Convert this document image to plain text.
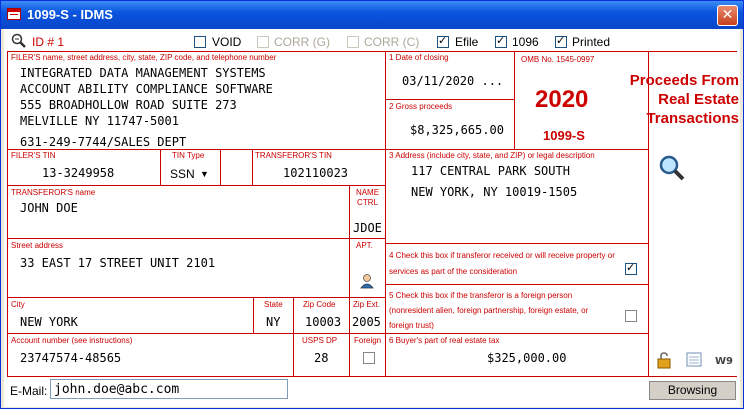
1099-S - IDMS	✕
ID # 1	VOID	CORR (G)	CORR (C) ✓	Efile ✓	1096 ✓	Printed
FILER'S name, street address, city, state, ZIP code, and telephone number
INTEGRATED DATA MANAGEMENT SYSTEMS
ACCOUNT ABILITY COMPLIANCE SOFTWARE
555 BROADHOLLOW ROAD SUITE 273
MELVILLE NY 11747-5001
631-249-7744/SALES DEPT
1 Date of closing
03/11/2020 ...
2 Gross proceeds
$8,325,665.00
OMB No. 1545-0997
2020
1099-S
Proceeds From
Real Estate
Transactions
FILER'S TIN
13-3249958
TIN Type
SSN ▼
TRANSFEROR'S TIN
102110023
3 Address (include city, state, and ZIP) or legal description
117 CENTRAL PARK SOUTH
NEW YORK, NY 10019-1505
TRANSFEROR'S name
JOHN DOE
NAME
CTRL
JDOE
Street address
33 EAST 17 STREET UNIT 2101
APT.
4 Check this box if transferor received or will receive property or services as part of the consideration
✓
5 Check this box if the transferor is a foreign person (nonresident alien, foreign partnership, foreign estate, or foreign trust)
City
NEW YORK
State
NY
Zip Code
10003
Zip Ext.
2005
Account number (see instructions)
23747574-48565
USPS DP
28
Foreign 6 Buyer's part of real estate tax
$325,000.00	W9
E-Mail: john.doe@abc.com	Browsing
